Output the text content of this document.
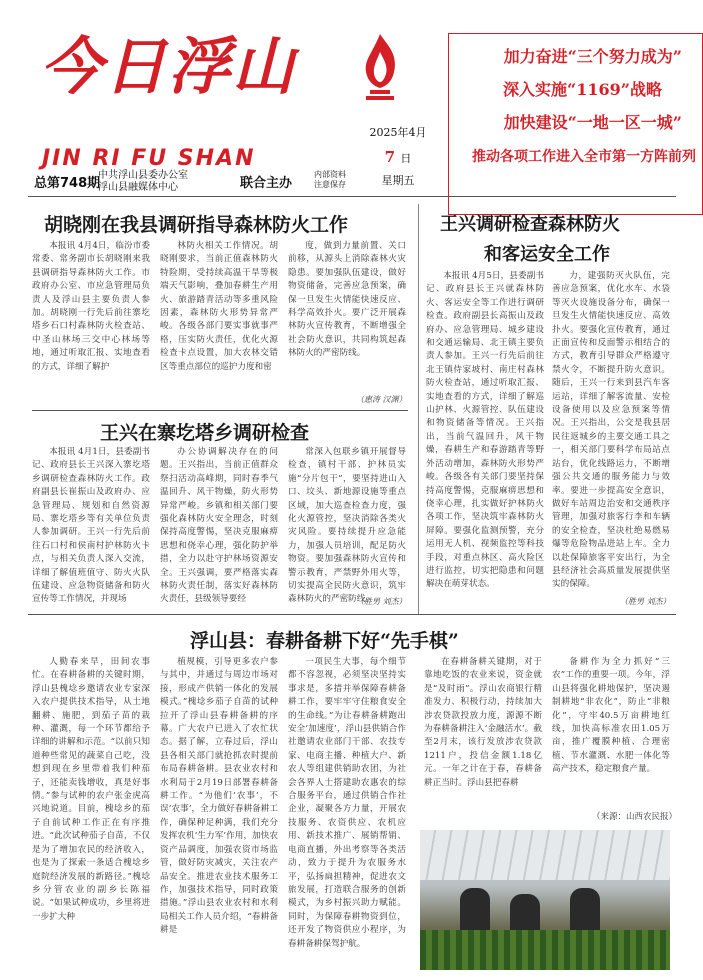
今日浮山
JIN RI FU SHAN
总第748期
中共浮山县委办公室
浮山县融媒体中心	联合主办
内部资料
注意保存
2025年4月
7 日
星期五
加力奋进“三个努力成为”
深入实施“1169”战略
加快建设“一地一区一城”
推动各项工作进入全市第一方阵前列
胡晓刚在我县调研指导森林防火工作

本报讯 4月4日，临汾市委常委、常务副市长胡晓刚来我县调研指导森林防火工作。市政府办公室、市应急管理局负责人及浮山县主要负责人参加。胡晓刚一行先后前往寨圪塔乡石口村森林防火检查站、中圣山林场三交中心林场等地，通过听取汇报、实地查看的方式，详细了解护

林防火相关工作情况。胡晓刚要求，当前正值森林防火特险期，受持续高温干旱等极端天气影响，叠加春耕生产用火、旅游踏青活动等多重风险因素，森林防火形势异常严峻。各级各部门要实事就事严格，压实防火责任，优化火源检查卡点设置，加大农林交错区等重点部位的巡护力度和密

度，做到力量前置、关口前移，从源头上消除森林火灾隐患。要加强队伍建设，做好物资储备，完善应急预案，确保一旦发生火情能快速反应、科学高效扑火。要广泛开展森林防火宣传教育，不断增强全社会防火意识，共同构筑起森林防火的严密防线。

（惠涛 汉渊）
王兴在寨圪塔乡调研检查

本报讯 4月1日，县委副书记、政府县长王兴深入寨圪塔乡调研检查森林防火工作。政府副县长崔振山及政府办、应急管理局、规划和自然资源局、寨圪塔乡等有关单位负责人参加调研。王兴一行先后前往石口村和侯南村护林防火卡点，与相关负责人深入交流，详细了解值班值守、防火火队伍建设、应急物资储备和防火宣传等工作情况，并现场

办公协调解决存在的问题。王兴指出，当前正值群众祭扫活动高峰期，同时春季气温回升、风干物燥，防火形势异常严峻。乡镇和相关部门要强化森林防火安全理念，时刻保持高度警惕，坚决克服麻痹思想和侥幸心理，强化防护举措，全力以赴守护林场资源安全。王兴强调，要严格落实森林防火责任制，落实好森林防火责任，县级领导要经

常深入包联乡镇开展督导检查，镇村干部、护林员实施“分片包干”，要坚持进山入口、坟头、新地源设施等重点区域，加大巡查检查力度，强化火源管控，坚决消除各类火灾风险。要持续提升应急能力，加强人员培训，配足防火物资。要加强森林防火宣传和警示教育，严禁野外用火等，切实提高全民防火意识，筑牢森林防火的严密防线。

（胜男 刘杰）
王兴调研检查森林防火
和客运安全工作

本报讯 4月5日，县委副书记、政府县长王兴就森林防火、客运安全等工作进行调研检查。政府副县长高振山及政府办、应急管理局、城乡建设和交通运输局、北王镇主要负责人参加。王兴一行先后前往北王镇侍家坡村、南庄村森林防火检查站，通过听取汇报、实地查看的方式，详细了解巡山护林、火源管控、队伍建设和物资储备等情况。王兴指出，当前气温回升，风干物燥，春耕生产和春游踏青等野外活动增加，森林防火形势严峻。各级各有关部门要坚持保持高度警惕，克服麻痹思想和侥幸心理，扎实做好护林防火各项工作，坚决筑牢森林防火屏障。要强化监测预警，充分运用无人机、视频监控等科技手段，对重点林区、高火险区进行监控，切实把隐患和问题解决在萌芽状态。

力，建强防灭火队伍，完善应急预案，优化水车、水袋等灭火设施设备分布，确保一旦发生火情能快速反应、高效扑火。要强化宣传教育，通过正面宣传和反面警示相结合的方式，教育引导群众严格遵守禁火令，不断提升防火意识。随后，王兴一行来到县汽车客运站，详细了解客流量、安检设备使用以及应急预案等情况。王兴指出，公交是我县居民往返城乡的主要交通工具之一，相关部门要科学布局站点站台，优化线路运力，不断增强公共交通的服务能力与效率。要进一步提高安全意识，做好车站周边治安和交通秩序管理，加强对旅客行李和车辆的安全检查，坚决杜绝易燃易爆等危险物品进站上车。全力以赴保障旅客平安出行，为全县经济社会高质量发展提供坚实的保障。

（胜男 刘杰）
浮山县：春耕备耕下好“先手棋”

人勤春来早，田间农事忙。在春耕备耕的关键时期，浮山县槐埝乡邀请农业专家深入农户提供技术指导，从土地翻耕、施肥，到茄子苗的栽种、灌溉，每一个环节都给予详细的讲解和示范。“以前只知道种些常见的蔬菜自己吃，没想到现在乡里带着我们种茄子，还能卖钱增收，真是好事情。”参与试种的农户张金虎高兴地说道。目前，槐埝乡的茄子自前试种工作正在有序推进。“此次试种茄子自苗，不仅是为了增加农民的经济收入，也是为了探索一条适合槐埝乡庭院经济发展的新路径。”槐埝乡分管农业的副乡长陈福说。“如果试种成功，乡里将进一步扩大种

植规模，引导更多农户参与其中，并通过与周边市场对接，形成产供销一体化的发展模式。”槐埝乡茄子自苗的试种拉开了浮山县春耕备耕的序幕。广大农户已进入了农忙状态。据了解，立春过后，浮山县各相关部门就抢抓农时提前布局春耕备耕。县农业农村和水利局于2月19日部署春耕备耕工作。“为他们‘农事’，不误‘农事’，全力做好春耕备耕工作，确保种足种满，我们充分发挥农机‘生力军’作用，加快农资产品调度，加强农资市场监管，做好防灾减灾，关注农产品安全。推进农业技术服务工作，加强技术指导，同时政策措施。”浮山县农业农村和水利局相关工作人员介绍，“春耕备耕是

一项民生大事，每个细节都不容忽视，必须坚决坚持实事求是，多措并举保障春耕备耕工作，要牢牢守住粮食安全的生命线。”为让春耕备耕跑出安全‘加速度’，浮山县供销合作社邀请农业部门干部、农技专家、电商主播、种植大户、新农人等组建供销助农团，为社会各界人士搭建助农惠农的综合服务平台，通过供销合作社企业，凝聚各方力量，开展农技服务、农资供应、农机应用、新技术推广、展销帮销、电商直播，外出考察等各类活动，致力于提升为农服务水平，弘扬扁担精神，促进农文旅发展，打造联合服务的创新模式，为乡村振兴助力赋能。同时，为保障春耕物资到位，还开发了物资供应小程序，为春耕备耕保驾护航。

在春耕备耕关键期，对于靠地吃饭的农业来说，资金就是“及时雨”。浮山农商银行精准发力、积极行动，持续加大涉农贷款投放力度，源源不断为春耕备耕注入‘金融活水’。截至2月末，该行发放涉农贷款1211户，投信金额1.18亿元。一年之计在于春，春耕备耕正当时。浮山县把春耕

备耕作为全力抓好“三农”工作的重要一项。今年，浮山县将强化耕地保护，坚决遏制耕地“非农化”，防止“非粮化”，守牢40.5万亩耕地红线，加快高标准农田1.05万亩，推广覆膜种植、合理密植、节水灌溉、水肥一体化等高产技术，稳定粮食产量。

（来源：山西农民报）
